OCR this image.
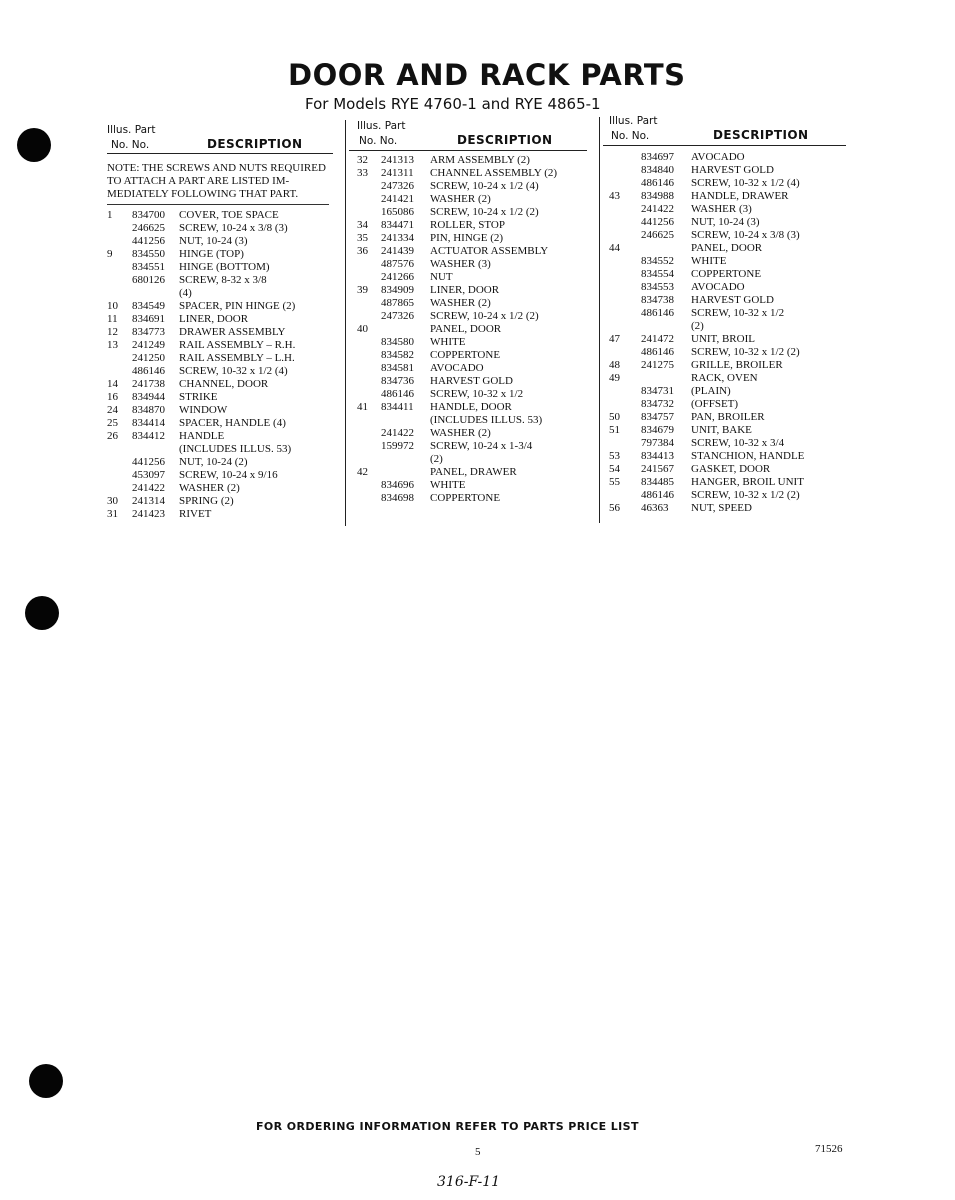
DOOR AND RACK PARTS
For Models RYE 4760-1 and RYE 4865-1
Illus. Part
No. No.	DESCRIPTION
NOTE: THE SCREWS AND NUTS REQUIRED TO ATTACH A PART ARE LISTED IM-MEDIATELY FOLLOWING THAT PART.
1 834700 COVER, TOE SPACE
246625 SCREW, 10-24 x 3/8 (3)
441256 NUT, 10-24 (3)
9 834550 HINGE (TOP)
834551 HINGE (BOTTOM)
680126 SCREW, 8-32 x 3/8
(4)
10 834549 SPACER, PIN HINGE (2)
11 834691 LINER, DOOR
12 834773 DRAWER ASSEMBLY
13 241249 RAIL ASSEMBLY – R.H.
241250 RAIL ASSEMBLY – L.H.
486146 SCREW, 10-32 x 1/2 (4)
14 241738 CHANNEL, DOOR
16 834944 STRIKE
24 834870 WINDOW
25 834414 SPACER, HANDLE (4)
26 834412 HANDLE
(INCLUDES ILLUS. 53)
441256 NUT, 10-24 (2)
453097 SCREW, 10-24 x 9/16
241422 WASHER (2)
30 241314 SPRING (2)
31 241423 RIVET
Illus. Part
No. No.	DESCRIPTION
32 241313 ARM ASSEMBLY (2)
33 241311 CHANNEL ASSEMBLY (2)
247326 SCREW, 10-24 x 1/2 (4)
241421 WASHER (2)
165086 SCREW, 10-24 x 1/2 (2)
34 834471 ROLLER, STOP
35 241334 PIN, HINGE (2)
36 241439 ACTUATOR ASSEMBLY
487576 WASHER (3)
241266 NUT
39 834909 LINER, DOOR
487865 WASHER (2)
247326 SCREW, 10-24 x 1/2 (2)
40	PANEL, DOOR
834580 WHITE
834582 COPPERTONE
834581 AVOCADO
834736 HARVEST GOLD
486146 SCREW, 10-32 x 1/2
41 834411 HANDLE, DOOR
(INCLUDES ILLUS. 53)
241422 WASHER (2)
159972 SCREW, 10-24 x 1-3/4
(2)
42	PANEL, DRAWER
834696 WHITE
834698 COPPERTONE
Illus. Part
No. No.	DESCRIPTION
834697 AVOCADO
834840 HARVEST GOLD
486146 SCREW, 10-32 x 1/2 (4)
43 834988 HANDLE, DRAWER
241422 WASHER (3)
441256 NUT, 10-24 (3)
246625 SCREW, 10-24 x 3/8 (3)
44	PANEL, DOOR
834552 WHITE
834554 COPPERTONE
834553 AVOCADO
834738 HARVEST GOLD
486146 SCREW, 10-32 x 1/2
(2)
47 241472 UNIT, BROIL
486146 SCREW, 10-32 x 1/2 (2)
48 241275 GRILLE, BROILER
49	RACK, OVEN
834731 (PLAIN)
834732 (OFFSET)
50 834757 PAN, BROILER
51 834679 UNIT, BAKE
797384 SCREW, 10-32 x 3/4
53 834413 STANCHION, HANDLE
54 241567 GASKET, DOOR
55 834485 HANGER, BROIL UNIT
486146 SCREW, 10-32 x 1/2 (2)
56 46363 NUT, SPEED
FOR ORDERING INFORMATION REFER TO PARTS PRICE LIST
5	71526
316-F-11
